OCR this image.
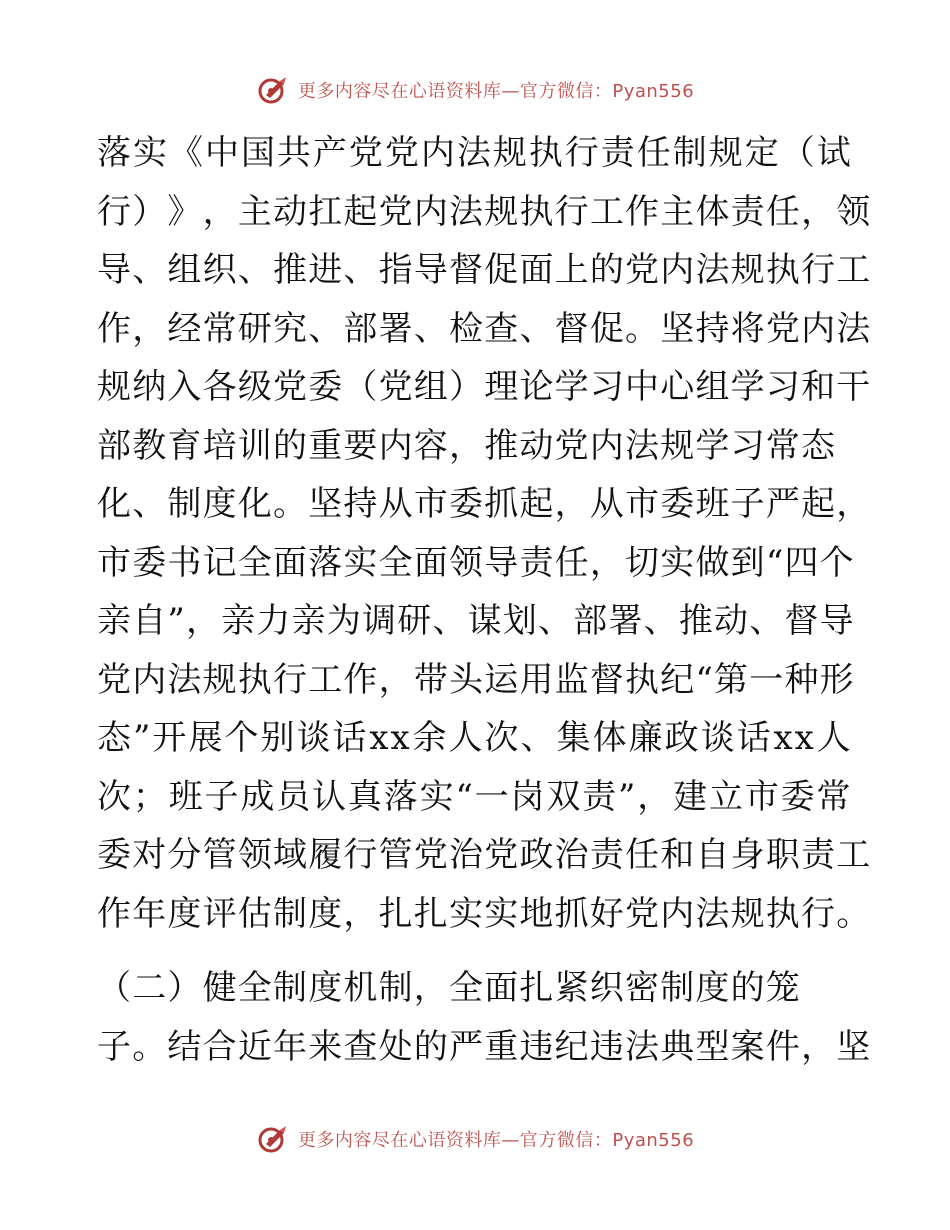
更多内容尽在心语资料库—官方微信：Pyan556
落 实 《 中 国 共 产 党 党 内 法 规 执 行 责 任 制 规 定 （ 试
行 ） 》 ， 主 动 扛 起 党 内 法 规 执 行 工 作 主 体 责 任 ， 领
导 、 组 织 、 推 进 、 指 导 督 促 面 上 的 党 内 法 规 执 行 工
作 ， 经 常 研 究 、 部 署 、 检 查 、 督 促 。 坚 持 将 党 内 法
规 纳 入 各 级 党 委 （ 党 组 ） 理 论 学 习 中 心 组 学 习 和 干
部教育培训的重要内容，推动党内法规学习常态
化 、 制 度 化 。 坚 持 从 市 委 抓 起 ， 从 市 委 班 子 严 起 ，
市 委 书 记 全 面 落 实 全 面 领 导 责 任 ， 切 实 做 到 “ 四 个
亲 自 ” ， 亲 力 亲 为 调 研 、 谋 划 、 部 署 、 推 动 、 督 导
党 内 法 规 执 行 工 作 ， 带 头 运 用 监 督 执 纪 “ 第 一 种 形
态 ” 开 展 个 别 谈 话 x x 余 人 次 、 集 体 廉 政 谈 话 x x 人
次 ； 班 子 成 员 认 真 落 实 “ 一 岗 双 责 ” ， 建 立 市 委 常
委 对 分 管 领 域 履 行 管 党 治 党 政 治 责 任 和 自 身 职 责 工
作年度评估制度，扎扎实实地抓好党内法规执行。
（二）健全制度机制，全面扎紧织密制度的笼
子 。 结 合 近 年 来 查 处 的 严 重 违 纪 违 法 典 型 案 件 ， 坚
更多内容尽在心语资料库—官方微信：Pyan556
